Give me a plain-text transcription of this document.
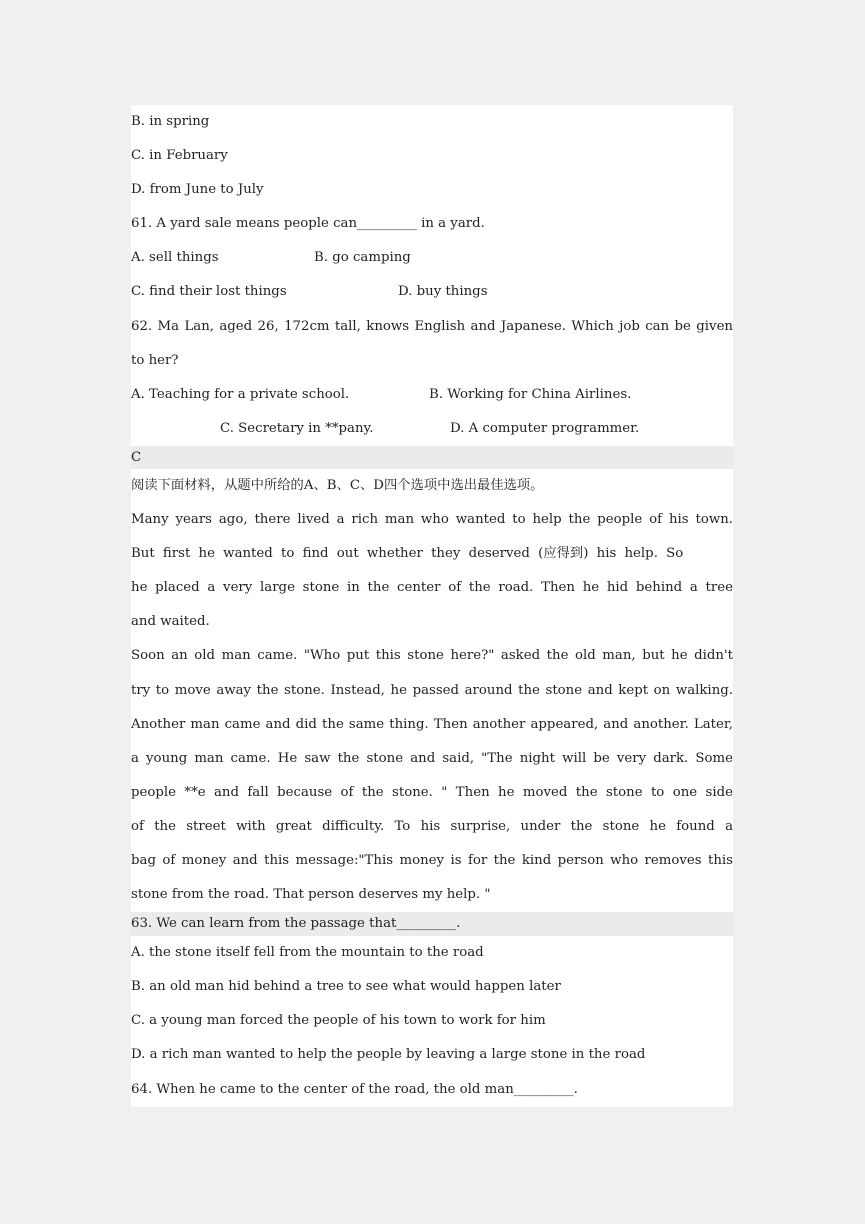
B. in spring
C. in February
D. from June to July
61. A yard sale means people can_________ in a yard.
A. sell things	B. go camping
C. find their lost things	D. buy things
62. Ma Lan, aged 26, 172cm tall, knows English and Japanese. Which job can be given
to her?
A. Teaching for a private school.	B. Working for China Airlines.
C. Secretary in **pany.	D. A computer programmer.
C
阅读下面材料，从题中所给的A、B、C、D四个选项中选出最佳选项。
Many years ago, there lived a rich man who wanted to help the people of his town.
But first he wanted to find out whether they deserved (应得到) his help. So
he placed a very large stone in the center of the road. Then he hid behind a tree
and waited.
Soon an old man came. "Who put this stone here?" asked the old man, but he didn't
try to move away the stone. Instead, he passed around the stone and kept on walking.
Another man came and did the same thing. Then another appeared, and another. Later,
a young man came. He saw the stone and said, "The night will be very dark. Some
people **e and fall because of the stone. " Then he moved the stone to one side
of the street with great difficulty. To his surprise, under the stone he found a
bag of money and this message:"This money is for the kind person who removes this
stone from the road. That person deserves my help. "
63. We can learn from the passage that_________.
A. the stone itself fell from the mountain to the road
B. an old man hid behind a tree to see what would happen later
C. a young man forced the people of his town to work for him
D. a rich man wanted to help the people by leaving a large stone in the road
64. When he came to the center of the road, the old man_________.
